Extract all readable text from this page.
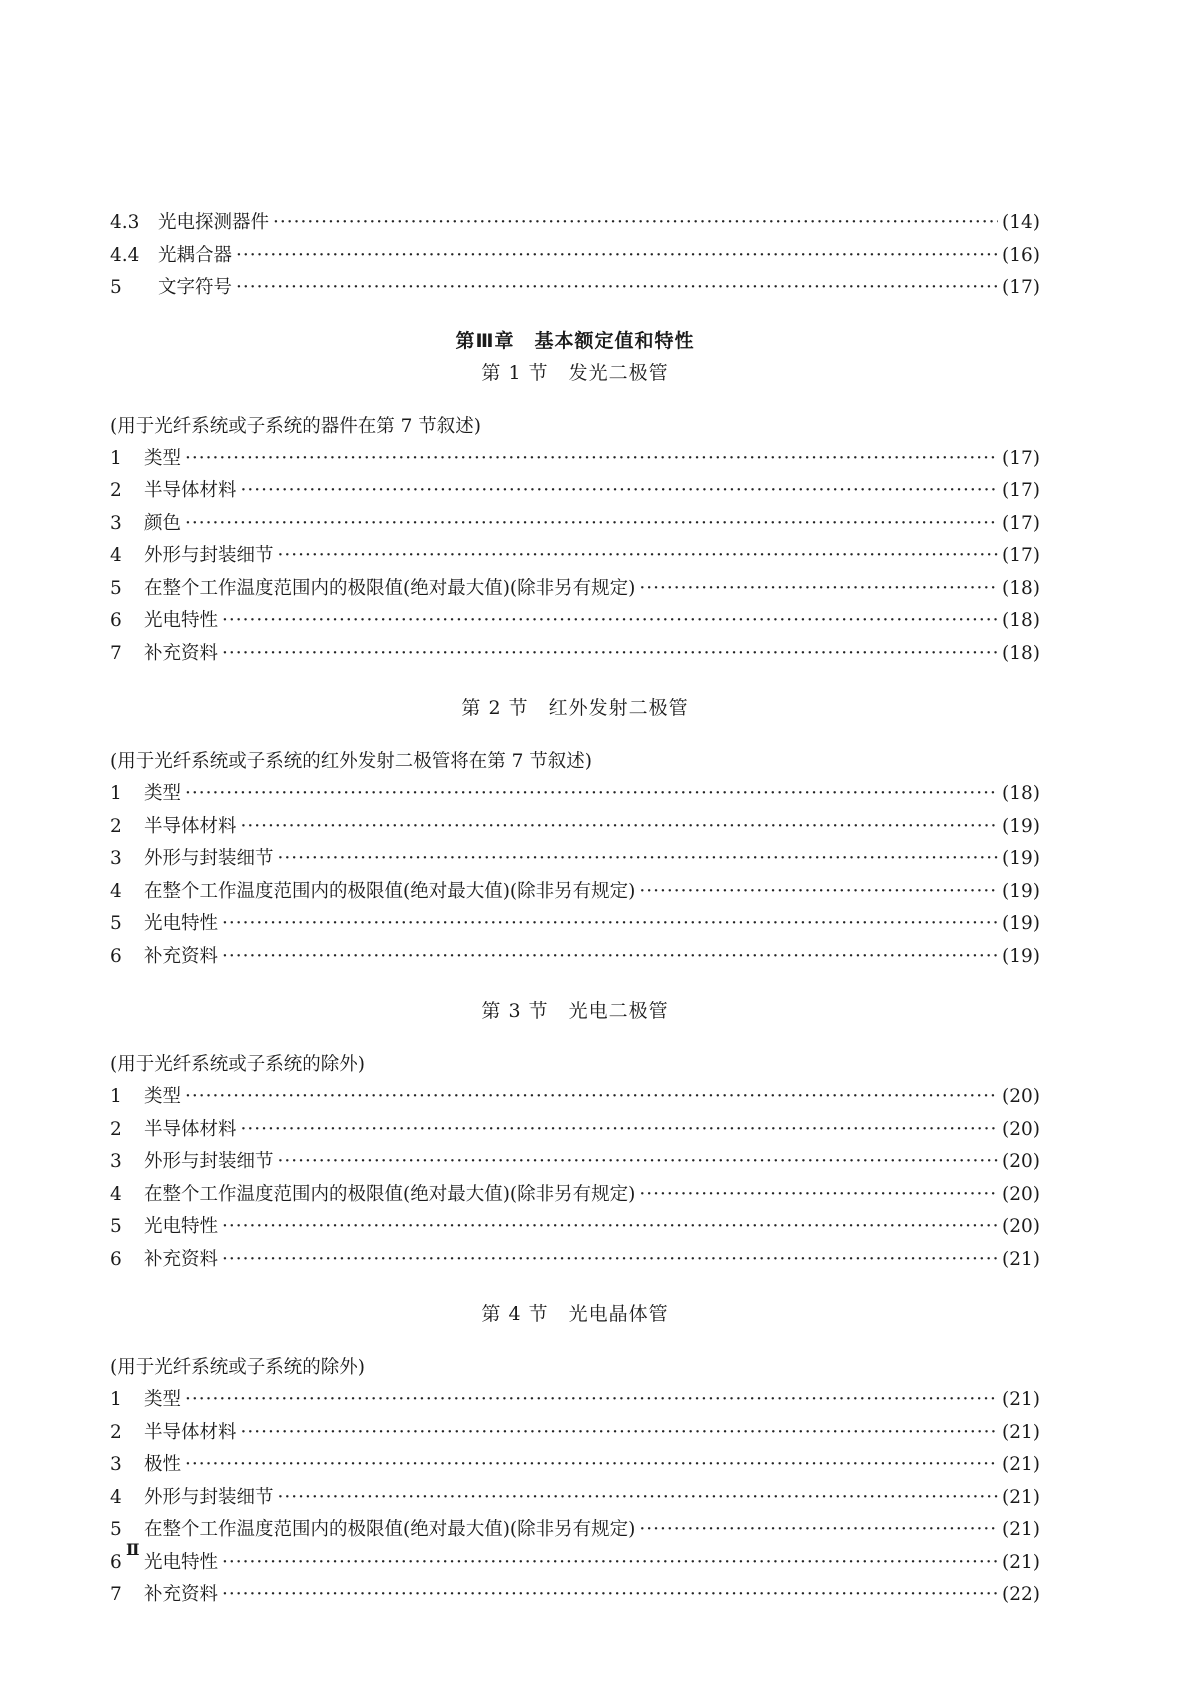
4.3	光电探测器件 ·····	(14)
4.4	光耦合器 ·····	(16)
5	文字符号 ·····	(17)
第Ⅲ章　基本额定值和特性
第 1 节　发光二极管
(用于光纤系统或子系统的器件在第 7 节叙述)
1	类型 ·····	(17)
2	半导体材料 ·····	(17)
3	颜色 ·····	(17)
4	外形与封装细节 ·····	(17)
5	在整个工作温度范围内的极限值(绝对最大值)(除非另有规定) ·····	(18)
6	光电特性 ·····	(18)
7	补充资料 ·····	(18)
第 2 节　红外发射二极管
(用于光纤系统或子系统的红外发射二极管将在第 7 节叙述)
1	类型 ·····	(18)
2	半导体材料 ·····	(19)
3	外形与封装细节 ·····	(19)
4	在整个工作温度范围内的极限值(绝对最大值)(除非另有规定) ·····	(19)
5	光电特性 ·····	(19)
6	补充资料 ·····	(19)
第 3 节　光电二极管
(用于光纤系统或子系统的除外)
1	类型 ·····	(20)
2	半导体材料 ·····	(20)
3	外形与封装细节 ·····	(20)
4	在整个工作温度范围内的极限值(绝对最大值)(除非另有规定) ·····	(20)
5	光电特性 ·····	(20)
6	补充资料 ·····	(21)
第 4 节　光电晶体管
(用于光纤系统或子系统的除外)
1	类型 ·····	(21)
2	半导体材料 ·····	(21)
3	极性 ·····	(21)
4	外形与封装细节 ·····	(21)
5	在整个工作温度范围内的极限值(绝对最大值)(除非另有规定) ·····	(21)
6	光电特性 ·····	(21)
7	补充资料 ·····	(22)
Ⅱ
